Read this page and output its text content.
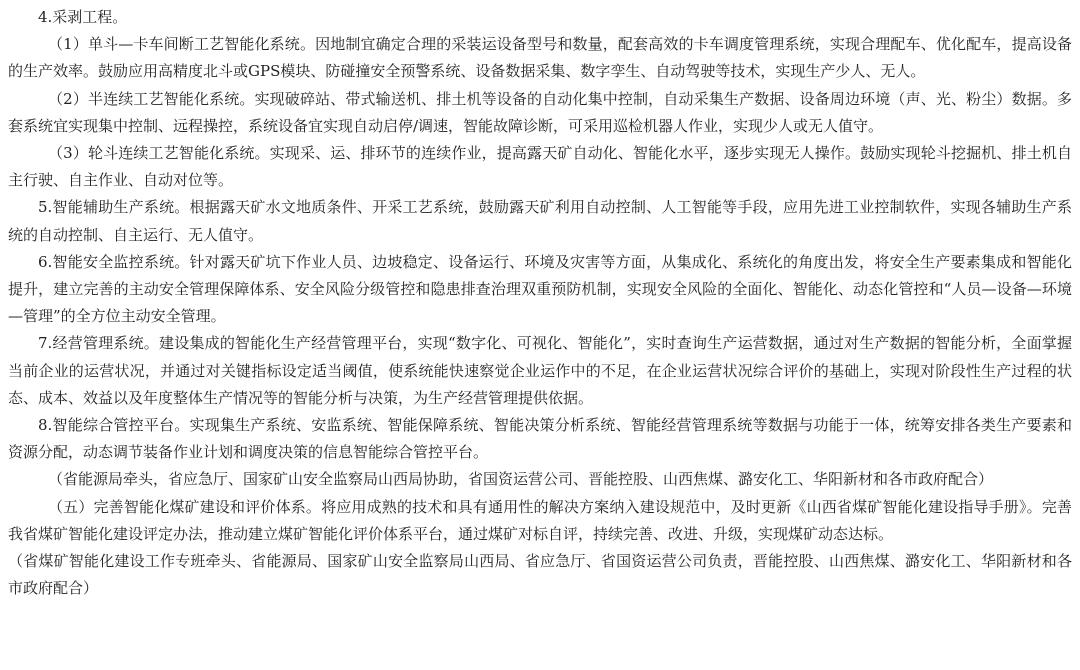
4.采剥工程。

（1）单斗—卡车间断工艺智能化系统。因地制宜确定合理的采装运设备型号和数量，配套高效的卡车调度管理系统，实现合理配车、优化配车，提高设备的生产效率。鼓励应用高精度北斗或GPS模块、防碰撞安全预警系统、设备数据采集、数字孪生、自动驾驶等技术，实现生产少人、无人。

（2）半连续工艺智能化系统。实现破碎站、带式输送机、排土机等设备的自动化集中控制，自动采集生产数据、设备周边环境（声、光、粉尘）数据。多套系统宜实现集中控制、远程操控，系统设备宜实现自动启停/调速，智能故障诊断，可采用巡检机器人作业，实现少人或无人值守。

（3）轮斗连续工艺智能化系统。实现采、运、排环节的连续作业，提高露天矿自动化、智能化水平，逐步实现无人操作。鼓励实现轮斗挖掘机、排土机自主行驶、自主作业、自动对位等。

5.智能辅助生产系统。根据露天矿水文地质条件、开采工艺系统，鼓励露天矿利用自动控制、人工智能等手段，应用先进工业控制软件，实现各辅助生产系统的自动控制、自主运行、无人值守。

6.智能安全监控系统。针对露天矿坑下作业人员、边坡稳定、设备运行、环境及灾害等方面，从集成化、系统化的角度出发，将安全生产要素集成和智能化提升，建立完善的主动安全管理保障体系、安全风险分级管控和隐患排查治理双重预防机制，实现安全风险的全面化、智能化、动态化管控和“人员—设备—环境—管理”的全方位主动安全管理。

7.经营管理系统。建设集成的智能化生产经营管理平台，实现“数字化、可视化、智能化”，实时查询生产运营数据，通过对生产数据的智能分析，全面掌握当前企业的运营状况，并通过对关键指标设定适当阈值，使系统能快速察觉企业运作中的不足，在企业运营状况综合评价的基础上，实现对阶段性生产过程的状态、成本、效益以及年度整体生产情况等的智能分析与决策，为生产经营管理提供依据。

8.智能综合管控平台。实现集生产系统、安监系统、智能保障系统、智能决策分析系统、智能经营管理系统等数据与功能于一体，统筹安排各类生产要素和资源分配，动态调节装备作业计划和调度决策的信息智能综合管控平台。

（省能源局牵头，省应急厅、国家矿山安全监察局山西局协助，省国资运营公司、晋能控股、山西焦煤、潞安化工、华阳新材和各市政府配合）

（五）完善智能化煤矿建设和评价体系。将应用成熟的技术和具有通用性的解决方案纳入建设规范中，及时更新《山西省煤矿智能化建设指导手册》。完善我省煤矿智能化建设评定办法，推动建立煤矿智能化评价体系平台，通过煤矿对标自评，持续完善、改进、升级，实现煤矿动态达标。

（省煤矿智能化建设工作专班牵头、省能源局、国家矿山安全监察局山西局、省应急厅、省国资运营公司负责，晋能控股、山西焦煤、潞安化工、华阳新材和各市政府配合）
